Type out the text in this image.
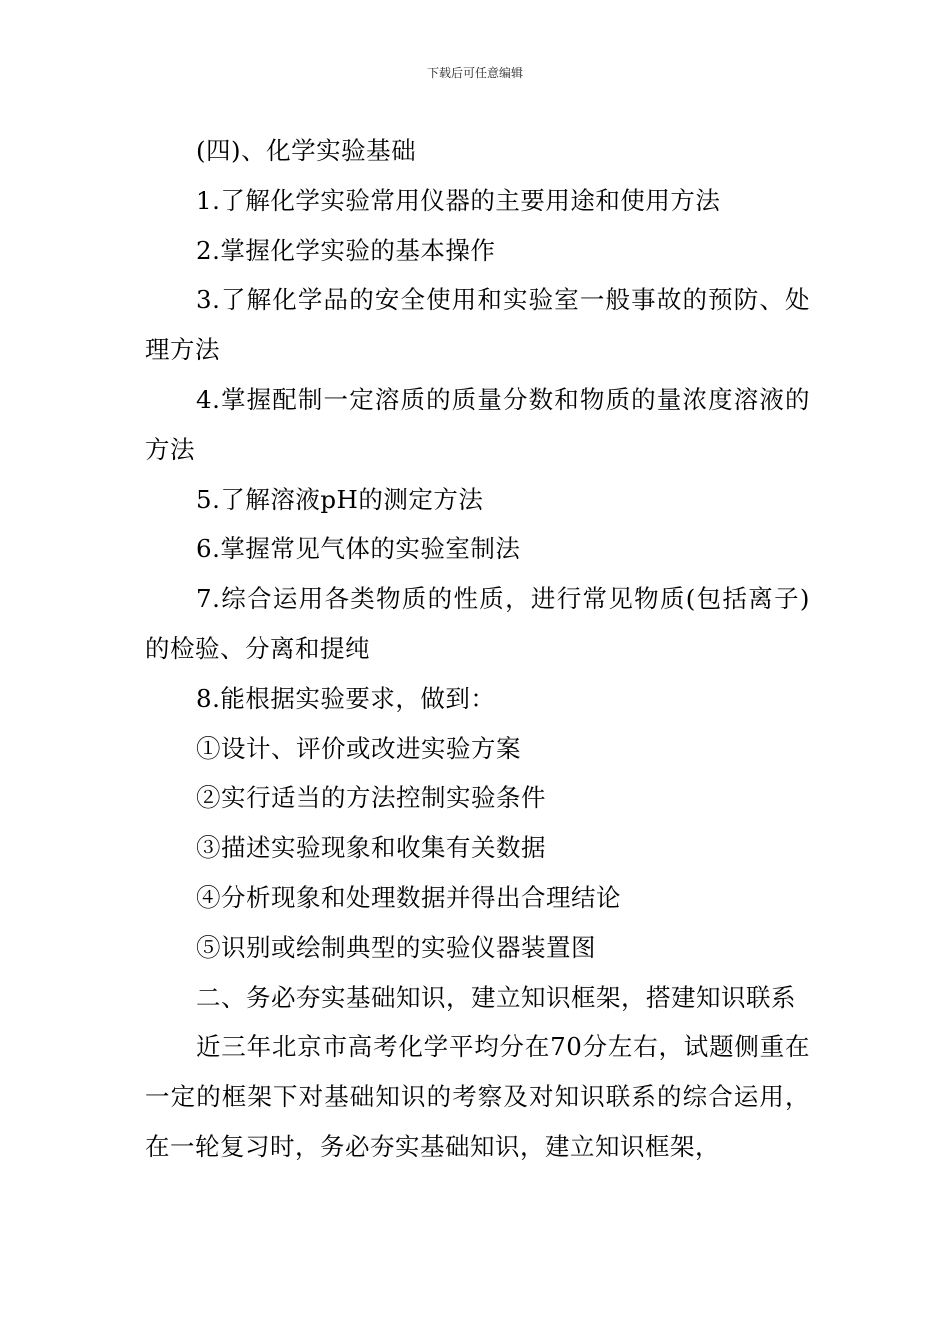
下载后可任意编辑

(四)、化学实验基础

1.了解化学实验常用仪器的主要用途和使用方法

2.掌握化学实验的基本操作

3.了解化学品的安全使用和实验室一般事故的预防、处理方法

4.掌握配制一定溶质的质量分数和物质的量浓度溶液的方法

5.了解溶液pH的测定方法

6.掌握常见气体的实验室制法

7.综合运用各类物质的性质，进行常见物质(包括离子)的检验、分离和提纯

8.能根据实验要求，做到：

①设计、评价或改进实验方案

②实行适当的方法控制实验条件

③描述实验现象和收集有关数据

④分析现象和处理数据并得出合理结论

⑤识别或绘制典型的实验仪器装置图

二、务必夯实基础知识，建立知识框架，搭建知识联系

近三年北京市高考化学平均分在70分左右，试题侧重在一定的框架下对基础知识的考察及对知识联系的综合运用，在一轮复习时，务必夯实基础知识，建立知识框架，
